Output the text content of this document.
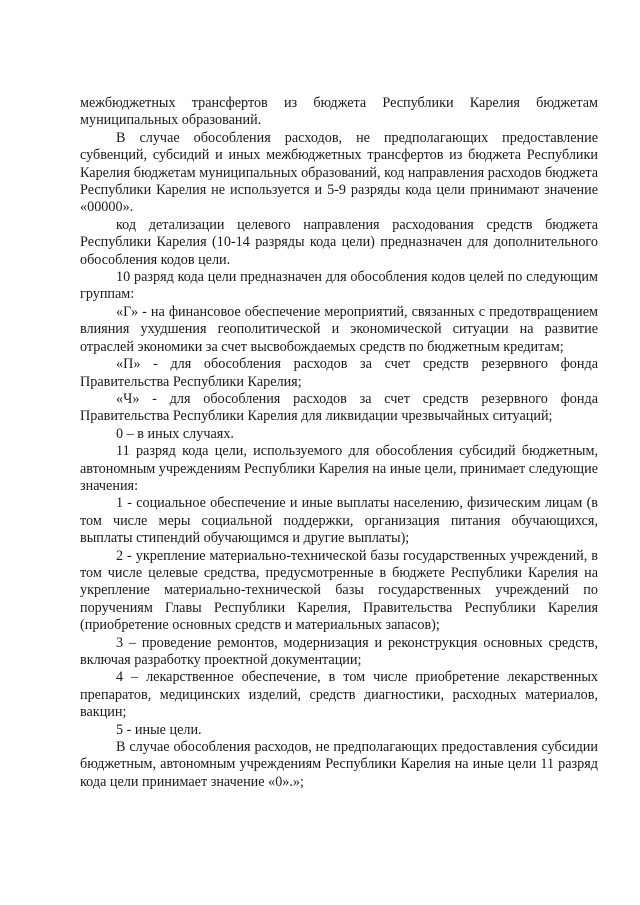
межбюджетных трансфертов из бюджета Республики Карелия бюджетам муниципальных образований.

В случае обособления расходов, не предполагающих предоставление субвенций, субсидий и иных межбюджетных трансфертов из бюджета Республики Карелия бюджетам муниципальных образований, код направления расходов бюджета Республики Карелия не используется и 5-9 разряды кода цели принимают значение «00000».

код детализации целевого направления расходования средств бюджета Республики Карелия (10-14 разряды кода цели) предназначен для дополнительного обособления кодов цели.

10 разряд кода цели предназначен для обособления кодов целей по следующим группам:

«Г» - на финансовое обеспечение мероприятий, связанных с предотвращением влияния ухудшения геополитической и экономической ситуации на развитие отраслей экономики за счет высвобождаемых средств по бюджетным кредитам;

«П» - для обособления расходов за счет средств резервного фонда Правительства Республики Карелия;

«Ч» - для обособления расходов за счет средств резервного фонда Правительства Республики Карелия для ликвидации чрезвычайных ситуаций;

0 – в иных случаях.

11 разряд кода цели, используемого для обособления субсидий бюджетным, автономным учреждениям Республики Карелия на иные цели, принимает следующие значения:

1 - социальное обеспечение и иные выплаты населению, физическим лицам (в том числе меры социальной поддержки, организация питания обучающихся, выплаты стипендий обучающимся и другие выплаты);

2 - укрепление материально-технической базы государственных учреждений, в том числе целевые средства, предусмотренные в бюджете Республики Карелия на укрепление материально-технической базы государственных учреждений по поручениям Главы Республики Карелия, Правительства Республики Карелия (приобретение основных средств и материальных запасов);

3 – проведение ремонтов, модернизация и реконструкция основных средств, включая разработку проектной документации;

4 – лекарственное обеспечение, в том числе приобретение лекарственных препаратов, медицинских изделий, средств диагностики, расходных материалов, вакцин;

5 - иные цели.

В случае обособления расходов, не предполагающих предоставления субсидии бюджетным, автономным учреждениям Республики Карелия на иные цели 11 разряд кода цели принимает значение «0».»;
